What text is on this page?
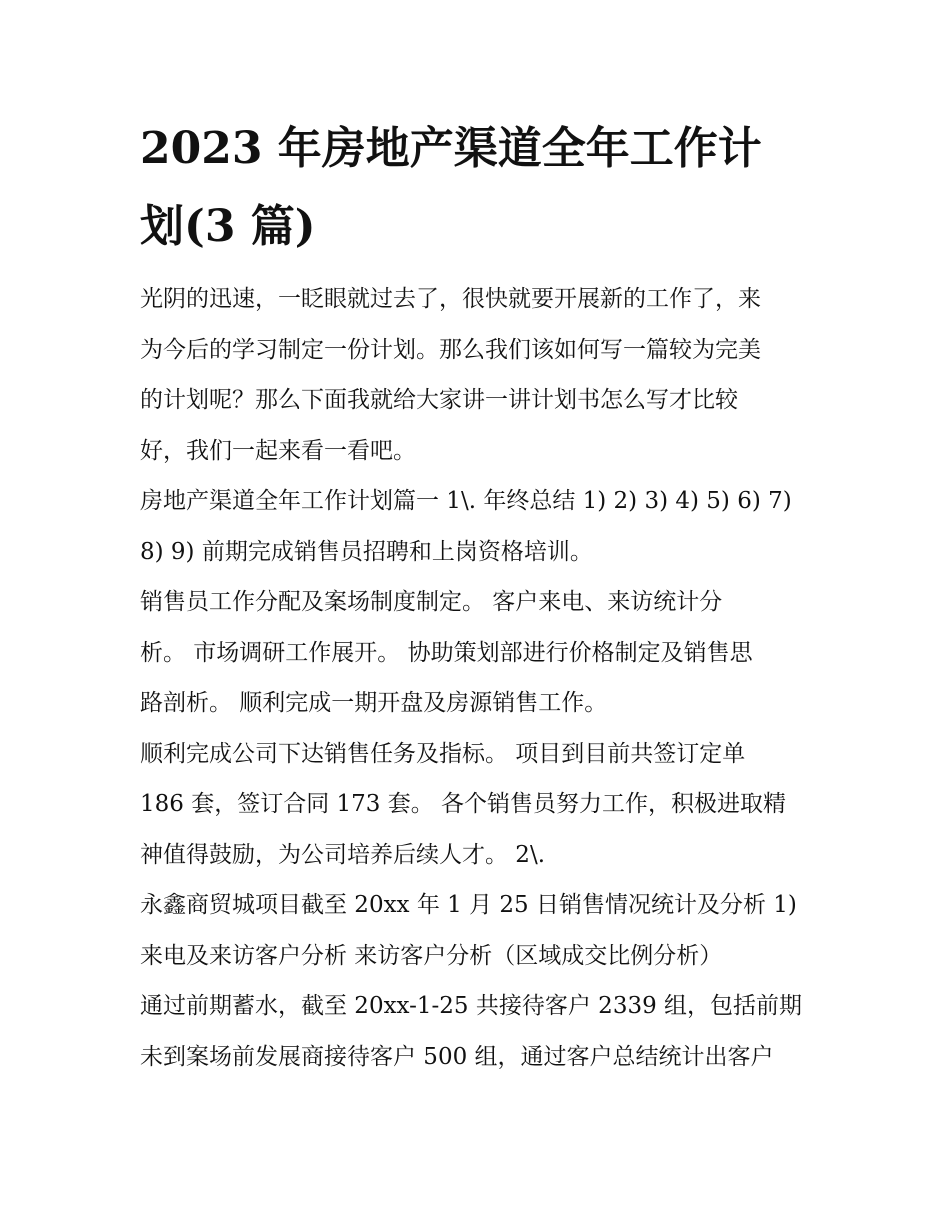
2023 年房地产渠道全年工作计
划(3 篇)
光阴的迅速，一眨眼就过去了，很快就要开展新的工作了，来
为今后的学习制定一份计划。那么我们该如何写一篇较为完美
的计划呢？那么下面我就给大家讲一讲计划书怎么写才比较
好，我们一起来看一看吧。
房地产渠道全年工作计划篇一 1\. 年终总结 1) 2) 3) 4) 5) 6) 7)
8) 9) 前期完成销售员招聘和上岗资格培训。
销售员工作分配及案场制度制定。 客户来电、来访统计分
析。 市场调研工作展开。 协助策划部进行价格制定及销售思
路剖析。 顺利完成一期开盘及房源销售工作。
顺利完成公司下达销售任务及指标。 项目到目前共签订定单
186 套，签订合同 173 套。 各个销售员努力工作，积极进取精
神值得鼓励，为公司培养后续人才。 2\.
永鑫商贸城项目截至 20xx 年 1 月 25 日销售情况统计及分析 1)
来电及来访客户分析 来访客户分析（区域成交比例分析）
通过前期蓄水，截至 20xx-1-25 共接待客户 2339 组，包括前期
未到案场前发展商接待客户 500 组，通过客户总结统计出客户
